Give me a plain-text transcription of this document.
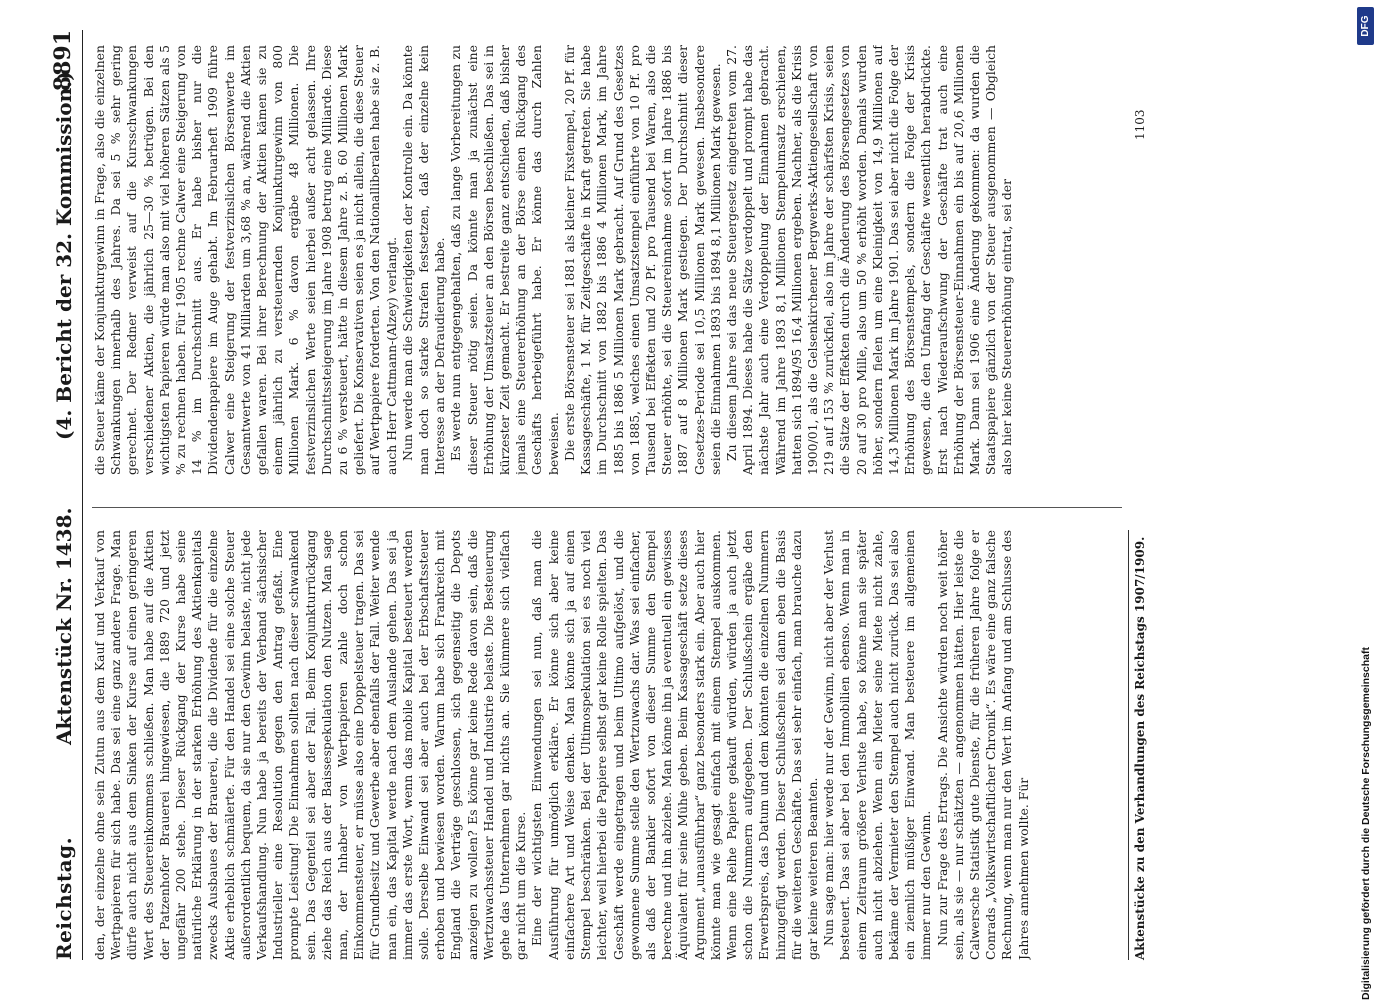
Reichstag.
Aktenstück Nr. 1438.
(4. Bericht der 32. Kommission.)
8891

den, der einzelne ohne sein Zutun aus dem Kauf und Verkauf von Wertpapieren für sich habe. Das sei eine ganz andere Frage. Man dürfe auch nicht aus dem Sinken der Kurse auf einen geringeren Wert des Steuereinkommens schließen. Man habe auf die Aktien der Patzenhofer Brauerei hingewiesen, die 1889 720 und jetzt ungefähr 200 stehe. Dieser Rückgang der Kurse habe seine natürliche Erklärung in der starken Erhöhung des Aktienkapitals zwecks Ausbaues der Brauerei, die die Dividende für die einzelne Aktie erheblich schmälerte. Für den Handel sei eine solche Steuer außerordentlich bequem, da sie nur den Gewinn belaste, nicht jede Verkaufshandlung. Nun habe ja bereits der Verband sächsischer Industrieller eine Resolution gegen den Antrag gefaßt. Eine prompte Leistung! Die Einnahmen sollten nach dieser schwankend sein. Das Gegenteil sei aber der Fall. Beim Konjunkturrückgang ziehe das Reich aus der Baissespekulation den Nutzen. Man sage man, der Inhaber von Wertpapieren zahle doch schon Einkommensteuer, er müsse also eine Doppelsteuer tragen. Das sei für Grundbesitz und Gewerbe aber ebenfalls der Fall. Weiter wende man ein, das Kapital werde nach dem Auslande gehen. Das sei ja immer das erste Wort, wenn das mobile Kapital besteuert werden solle. Derselbe Einwand sei aber auch bei der Erbschaftssteuer erhoben und bewiesen worden. Warum habe sich Frankreich mit England die Verträge geschlossen, sich gegenseitig die Depots anzeigen zu wollen? Es könne gar keine Rede davon sein, daß die Wertzuwachssteuer Handel und Industrie belaste. Die Besteuerung gehe das Unternehmen gar nichts an. Sie kümmere sich vielfach gar nicht um die Kurse. Eine der wichtigsten Einwendungen sei nun, daß man die Ausführung für unmöglich erkläre. Er könne sich aber keine einfachere Art und Weise denken. Man könne sich ja auf einen Stempel beschränken. Bei der Ultimospekulation sei es noch viel leichter, weil hierbei die Papiere selbst gar keine Rolle spielten. Das Geschäft werde eingetragen und beim Ultimo aufgelöst, und die gewonnene Summe stelle den Wertzuwachs dar. Was sei einfacher, als daß der Bankier sofort von dieser Summe den Stempel berechne und ihn abziehe. Man könne ihn ja eventuell ein gewisses Äquivalent für seine Mühe geben. Beim Kassageschäft setze dieses Argument „unausführbar“ ganz besonders stark ein. Aber auch hier könnte man wie gesagt einfach mit einem Stempel auskommen. Wenn eine Reihe Papiere gekauft würden, würden ja auch jetzt schon die Nummern aufgegeben. Der Schlußschein ergäbe den Erwerbspreis, das Datum und dem könnten die einzelnen Nummern hinzugefügt werden. Dieser Schlußschein sei dann eben die Basis für die weiteren Geschäfte. Das sei sehr einfach, man brauche dazu gar keine weiteren Beamten. Nun sage man: hier werde nur der Gewinn, nicht aber der Verlust besteuert. Das sei aber bei den Immobilien ebenso. Wenn man in einem Zeitraum größere Verluste habe, so könne man sie später auch nicht abziehen. Wenn ein Mieter seine Miete nicht zahle, bekäme der Vermieter den Stempel auch nicht zurück. Das sei also ein ziemlich müßiger Einwand. Man besteuere im allgemeinen immer nur den Gewinn. Nun zur Frage des Ertrags. Die Ansichte würden noch weit höher sein, als sie — nur schätzten — angenommen hätten. Hier leiste die Calwersche Statistik gute Dienste, für die früheren Jahre folge er Conrads „Volkswirtschaftlicher Chronik“. Es wäre eine ganz falsche Rechnung, wenn man nur den Wert im Anfang und am Schlusse des Jahres annehmen wollte. Für

die Steuer käme der Konjunkturgewinn in Frage, also die einzelnen Schwankungen innerhalb des Jahres. Da sei 5 % sehr gering gerechnet. Der Redner verweist auf die Kursschwankungen verschiedener Aktien, die jährlich 25—30 % betrügen. Bei den wichtigsten Papieren würde man also mit viel höheren Sätzen als 5 % zu rechnen haben. Für 1905 rechne Calwer eine Steigerung von 14 % im Durchschnitt aus. Er habe bisher nur die Dividendenpapiere im Auge gehabt. Im Februarheft 1909 führe Calwer eine Steigerung der festverzinslichen Börsenwerte im Gesamtwerte von 41 Milliarden um 3,68 % an, während die Aktien gefallen waren. Bei ihrer Berechnung der Aktien kämen sie zu einem jährlich zu versteuernden Konjunkturgewinn von 800 Millionen Mark. 6 % davon ergäbe 48 Millionen. Die festverzinslichen Werte seien hierbei außer acht gelassen. Ihre Durchschnittssteigerung im Jahre 1908 betrug eine Milliarde. Diese zu 6 % versteuert, hätte in diesem Jahre z. B. 60 Millionen Mark geliefert. Die Konservativen seien es ja nicht allein, die diese Steuer auf Wertpapiere forderten. Von den Nationalliberalen habe sie z. B. auch Herr Cattmann-(Alzey) verlangt. Nun werde man die Schwierigkeiten der Kontrolle ein. Da könnte man doch so starke Strafen festsetzen, daß der einzelne kein Interesse an der Defraudierung habe. Es werde nun entgegengehalten, daß zu lange Vorbereitungen zu dieser Steuer nötig seien. Da könnte man ja zunächst eine Erhöhung der Umsatzsteuer an den Börsen beschließen. Das sei in kürzester Zeit gemacht. Er bestreite ganz entschieden, daß bisher jemals eine Steuererhöhung an der Börse einen Rückgang des Geschäfts herbeigeführt habe. Er könne das durch Zahlen beweisen. Die erste Börsensteuer sei 1881 als kleiner Fixstempel, 20 Pf. für Kassageschäfte, 1 M. für Zeitgeschäfte in Kraft getreten. Sie habe im Durchschnitt von 1882 bis 1886 4 Millionen Mark, im Jahre 1885 bis 1886 5 Millionen Mark gebracht. Auf Grund des Gesetzes von 1885, welches einen Umsatzstempel einführte von 10 Pf. pro Tausend bei Effekten und 20 Pf. pro Tausend bei Waren, also die Steuer erhöhte, sei die Steuereinnahme sofort im Jahre 1886 bis 1887 auf 8 Millionen Mark gestiegen. Der Durchschnitt dieser Gesetzes-Periode sei 10,5 Millionen Mark gewesen. Insbesondere seien die Einnahmen 1893 bis 1894 8,1 Millionen Mark gewesen. Zu diesem Jahre sei das neue Steuergesetz eingetreten vom 27. April 1894. Dieses habe die Sätze verdoppelt und prompt habe das nächste Jahr auch eine Verdoppelung der Einnahmen gebracht. Während im Jahre 1893 8,1 Millionen Stempelumsatz erschienen, hatten sich 1894/95 16,4 Millionen ergeben. Nachher, als die Krisis 1900/01, als die Gelsenkirchener Bergwerks-Aktiengesellschaft von 219 auf 153 % zurückfiel, also im Jahre der schärfsten Krisis, seien die Sätze der Effekten durch die Änderung des Börsengesetzes von 20 auf 30 pro Mille, also um 50 % erhöht worden. Damals wurden höher, sondern fielen um eine Kleinigkeit von 14,9 Millionen auf 14,3 Millionen Mark im Jahre 1901. Das sei aber nicht die Folge der Erhöhung des Börsenstempels, sondern die Folge der Krisis gewesen, die den Umfang der Geschäfte wesentlich herabdrückte. Erst nach Wiederaufschwung der Geschäfte trat auch eine Erhöhung der Börsensteuer-Einnahmen ein bis auf 20,6 Millionen Mark. Dann sei 1906 eine Änderung gekommen: da wurden die Staatspapiere gänzlich von der Steuer ausgenommen — Obgleich also hier keine Steuererhöhung eintrat, sei der

Aktenstücke zu den Verhandlungen des Reichstags 1907/1909.
1103
Digitalisierung gefördert durch die Deutsche Forschungsgemeinschaft
DFG
